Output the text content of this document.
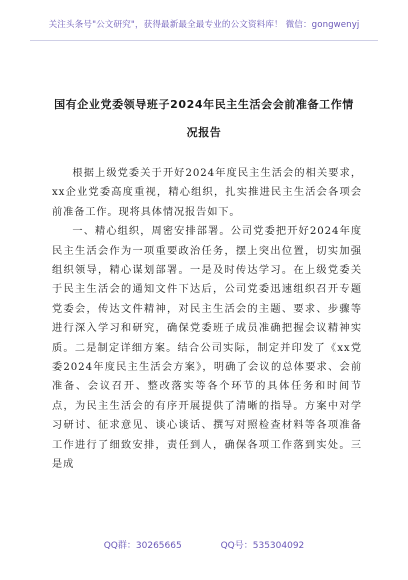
关注头条号"公文研究"，获得最新最全最专业的公文资料库！ 微信：gongwenyj
国有企业党委领导班子2024年民主生活会会前准备工作情
况报告

根据上级党委关于开好2024年度民主生活会的相关要求，xx企业党委高度重视，精心组织，扎实推进民主生活会各项会前准备工作。现将具体情况报告如下。

一、精心组织，周密安排部署。公司党委把开好2024年度民主生活会作为一项重要政治任务，摆上突出位置，切实加强组织领导，精心谋划部署。一是及时传达学习。在上级党委关于民主生活会的通知文件下达后，公司党委迅速组织召开专题党委会，传达文件精神，对民主生活会的主题、要求、步骤等进行深入学习和研究，确保党委班子成员准确把握会议精神实质。二是制定详细方案。结合公司实际，制定并印发了《xx党委2024年度民主生活会方案》，明确了会议的总体要求、会前准备、会议召开、整改落实等各个环节的具体任务和时间节点，为民主生活会的有序开展提供了清晰的指导。方案中对学习研讨、征求意见、谈心谈话、撰写对照检查材料等各项准备工作进行了细致安排，责任到人，确保各项工作落到实处。三是成

QQ群：30265665	QQ号：535304092
